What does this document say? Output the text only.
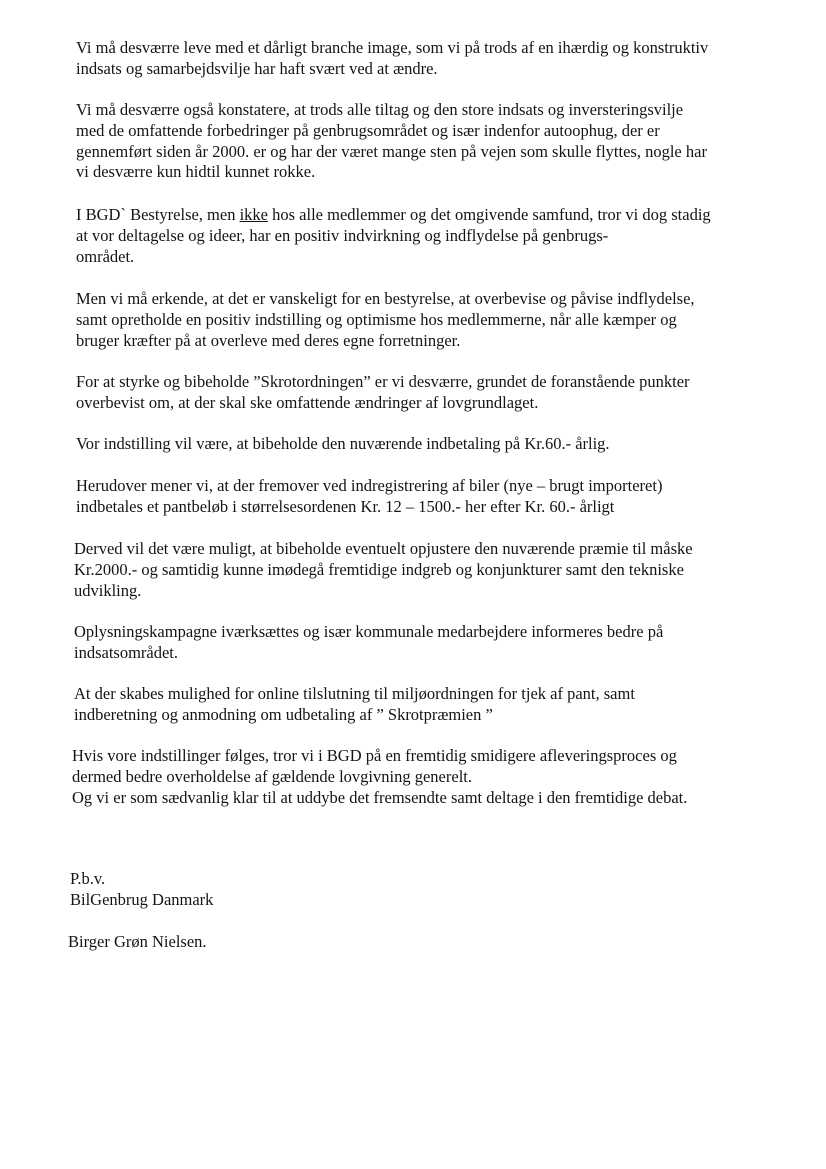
Vi må desværre leve med et dårligt branche image, som vi på trods af en ihærdig og konstruktiv
indsats og samarbejdsvilje har haft svært ved at ændre.

Vi må desværre også konstatere, at trods alle tiltag og den store indsats og inversteringsvilje
med de omfattende forbedringer på genbrugsområdet og især indenfor autoophug, der er
gennemført siden år 2000. er og har der været mange sten på vejen som skulle flyttes, nogle har
vi desværre kun hidtil kunnet rokke.

I BGD` Bestyrelse, men ikke hos alle medlemmer og det omgivende samfund, tror vi dog stadig
at vor deltagelse og ideer, har en positiv indvirkning og indflydelse på genbrugs-
området.

Men vi må erkende, at det er vanskeligt for en bestyrelse, at overbevise og påvise indflydelse,
samt opretholde en positiv indstilling og optimisme hos medlemmerne, når alle kæmper og
bruger kræfter på at overleve med deres egne forretninger.

For at styrke og bibeholde ”Skrotordningen” er vi desværre, grundet de foranstående punkter
overbevist om, at der skal ske omfattende ændringer af lovgrundlaget.

Vor indstilling vil være, at bibeholde den nuværende indbetaling på Kr.60.- årlig.

Herudover mener vi, at der fremover ved indregistrering af biler (nye – brugt importeret)
indbetales et pantbeløb i størrelsesordenen Kr. 12 – 1500.- her efter Kr. 60.- årligt

Derved vil det være muligt, at bibeholde eventuelt opjustere den nuværende præmie til måske
Kr.2000.- og samtidig kunne imødegå fremtidige indgreb og konjunkturer samt den tekniske
udvikling.

Oplysningskampagne iværksættes og især kommunale medarbejdere informeres bedre på
indsatsområdet.

At der skabes mulighed for online tilslutning til miljøordningen for tjek af pant, samt
indberetning og anmodning om udbetaling af ” Skrotpræmien ”

Hvis vore indstillinger følges, tror vi i BGD på en fremtidig smidigere afleveringsproces og
dermed bedre overholdelse af gældende lovgivning generelt.
Og vi er som sædvanlig klar til at uddybe det fremsendte samt deltage i den fremtidige debat.

P.b.v.

BilGenbrug Danmark

Birger Grøn Nielsen.
